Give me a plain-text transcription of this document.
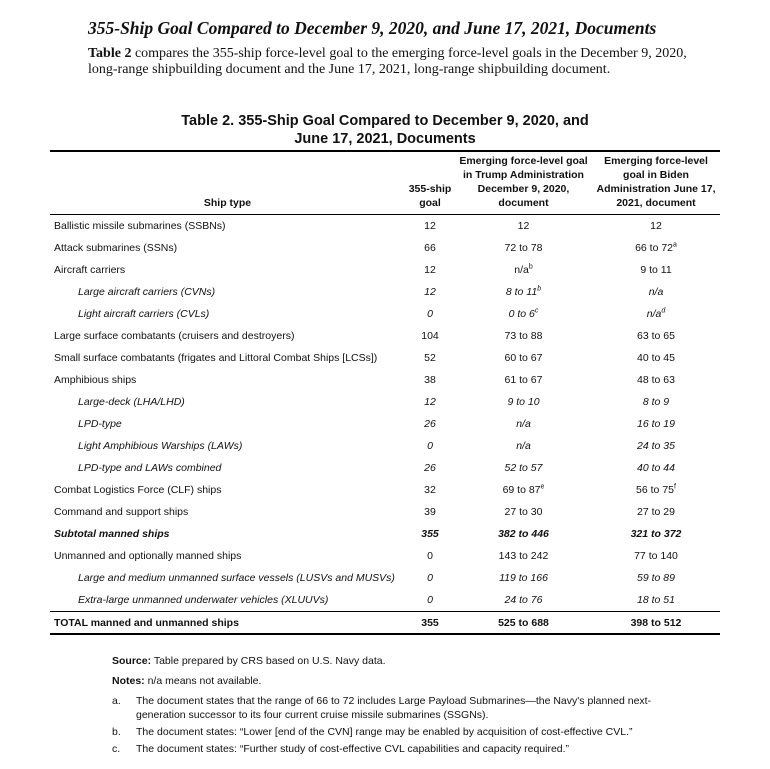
355-Ship Goal Compared to December 9, 2020, and June 17, 2021, Documents

Table 2 compares the 355-ship force-level goal to the emerging force-level goals in the December 9, 2020, long-range shipbuilding document and the June 17, 2021, long-range shipbuilding document.

Table 2. 355-Ship Goal Compared to December 9, 2020, and
June 17, 2021, Documents
Ship type	355-ship goal	Emerging force-level goal in Trump Administration December 9, 2020, document	Emerging force-level goal in Biden Administration June 17, 2021, document
Ballistic missile submarines (SSBNs)	12	12	12
Attack submarines (SSNs)	66	72 to 78	66 to 72$^a$
Aircraft carriers	12	$n/a^b$	9 to 11
Large aircraft carriers (CVNs)	12	8 to 11$^b$	n/a
Light aircraft carriers (CVLs)	0	0 to 6$^c$	$n/a^d$
Large surface combatants (cruisers and destroyers)	104	73 to 88	63 to 65
Small surface combatants (frigates and Littoral Combat Ships [LCSs])	52	60 to 67	40 to 45
Amphibious ships	38	61 to 67	48 to 63
Large-deck (LHA/LHD)	12	9 to 10	8 to 9
LPD-type	26	n/a	16 to 19
Light Amphibious Warships (LAWs)	0	n/a	24 to 35
LPD-type and LAWs combined	26	52 to 57	40 to 44
Combat Logistics Force (CLF) ships	32	69 to 87e	56 to 75$^f$
Command and support ships	39	27 to 30	27 to 29
Subtotal manned ships	355	382 to 446	321 to 372
Unmanned and optionally manned ships	0	143 to 242	77 to 140
Large and medium unmanned surface vessels (LUSVs and MUSVs)	0	119 to 166	59 to 89
Extra-large unmanned underwater vehicles (XLUUVs)	0	24 to 76	18 to 51
TOTAL manned and unmanned ships	355	525 to 688	398 to 512

Source: Table prepared by CRS based on U.S. Navy data.

Notes: n/a means not available.

a.	The document states that the range of 66 to 72 includes Large Payload Submarines—the Navy's planned next-generation successor to its four current cruise missile submarines (SSGNs).
b.	The document states: “Lower [end of the CVN] range may be enabled by acquisition of cost-effective CVL.”
c.	The document states: “Further study of cost-effective CVL capabilities and capacity required.”
